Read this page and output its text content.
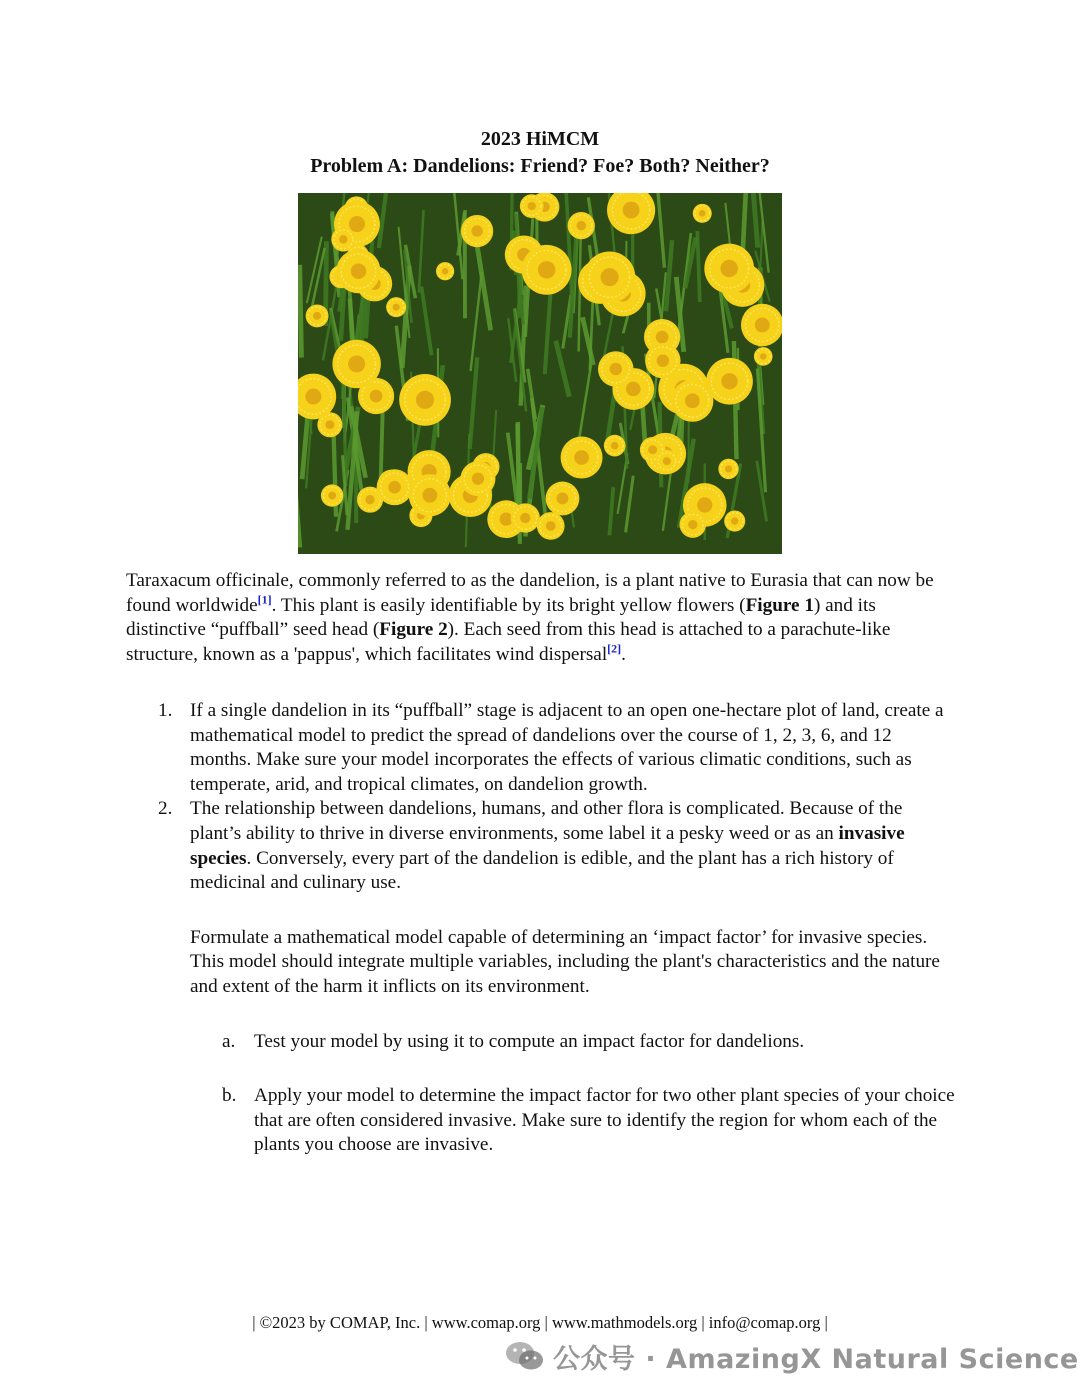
2023 HiMCM
Problem A: Dandelions: Friend? Foe? Both? Neither?
Taraxacum officinale, commonly referred to as the dandelion, is a plant native to Eurasia that can now be found worldwide[1]. This plant is easily identifiable by its bright yellow flowers (Figure 1) and its distinctive “puffball” seed head (Figure 2). Each seed from this head is attached to a parachute-like structure, known as a 'pappus', which facilitates wind dispersal[2].
1. If a single dandelion in its “puffball” stage is adjacent to an open one-hectare plot of land, create a mathematical model to predict the spread of dandelions over the course of 1, 2, 3, 6, and 12 months. Make sure your model incorporates the effects of various climatic conditions, such as temperate, arid, and tropical climates, on dandelion growth.
2. The relationship between dandelions, humans, and other flora is complicated. Because of the plant’s ability to thrive in diverse environments, some label it a pesky weed or as an invasive species. Conversely, every part of the dandelion is edible, and the plant has a rich history of medicinal and culinary use.
Formulate a mathematical model capable of determining an ‘impact factor’ for invasive species. This model should integrate multiple variables, including the plant's characteristics and the nature and extent of the harm it inflicts on its environment.
a. Test your model by using it to compute an impact factor for dandelions.
b. Apply your model to determine the impact factor for two other plant species of your choice that are often considered invasive. Make sure to identify the region for whom each of the plants you choose are invasive.
| ©2023 by COMAP, Inc. | www.comap.org | www.mathmodels.org | info@comap.org |
公众号 · AmazingX Natural Science
